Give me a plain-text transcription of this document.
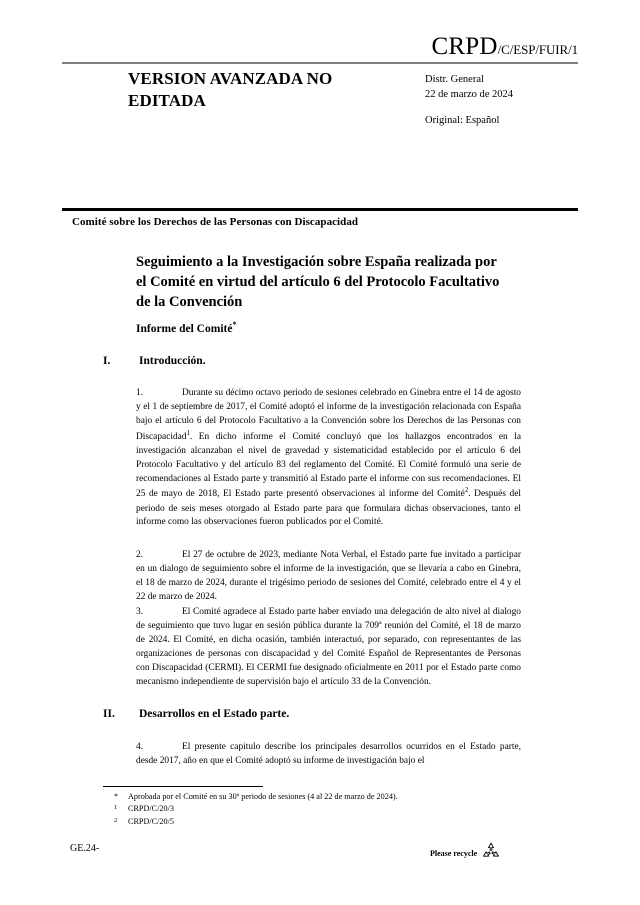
CRPD/C/ESP/FUIR/1
VERSION AVANZADA NO EDITADA
Distr. General
22 de marzo de 2024
Original: Español
Comité sobre los Derechos de las Personas con Discapacidad
Seguimiento a la Investigación sobre España realizada por el Comité en virtud del artículo 6 del Protocolo Facultativo de la Convención
Informe del Comité*
I.	Introducción.
1.	Durante su décimo octavo periodo de sesiones celebrado en Ginebra entre el 14 de agosto y el 1 de septiembre de 2017, el Comité adoptó el informe de la investigación relacionada con España bajo el artículo 6 del Protocolo Facultativo a la Convención sobre los Derechos de las Personas con Discapacidad$^1$. En dicho informe el Comité concluyó que los hallazgos encontrados en la investigación alcanzaban el nivel de gravedad y sistematicidad establecido por el artículo 6 del Protocolo Facultativo y del artículo 83 del reglamento del Comité. El Comité formuló una serie de recomendaciones al Estado parte y transmitió al Estado parte el informe con sus recomendaciones. El 25 de mayo de 2018, El Estado parte presentó observaciones al informe del Comité$^2$. Después del periodo de seis meses otorgado al Estado parte para que formulara dichas observaciones, tanto el informe como las observaciones fueron publicados por el Comité.
2.	El 27 de octubre de 2023, mediante Nota Verbal, el Estado parte fue invitado a participar en un dialogo de seguimiento sobre el informe de la investigación, que se llevaría a cabo en Ginebra, el 18 de marzo de 2024, durante el trigésimo periodo de sesiones del Comité, celebrado entre el 4 y el 22 de marzo de 2024.
3.	El Comité agradece al Estado parte haber enviado una delegación de alto nivel al dialogo de seguimiento que tuvo lugar en sesión pública durante la 709ª reunión del Comité, el 18 de marzo de 2024. El Comité, en dicha ocasión, también interactuó, por separado, con representantes de las organizaciones de personas con discapacidad y del Comité Español de Representantes de Personas con Discapacidad (CERMI). El CERMI fue designado oficialmente en 2011 por el Estado parte como mecanismo independiente de supervisión bajo el artículo 33 de la Convención.
II.	Desarrollos en el Estado parte.
4.	El presente capitulo describe los principales desarrollos ocurridos en el Estado parte, desde 2017, año en que el Comité adoptó su informe de investigación bajo el
*	Aprobada por el Comité en su 30º periodo de sesiones (4 al 22 de marzo de 2024).
1	CRPD/C/20/3
2	CRPD/C/20/5
GE.24-	Please recycle
